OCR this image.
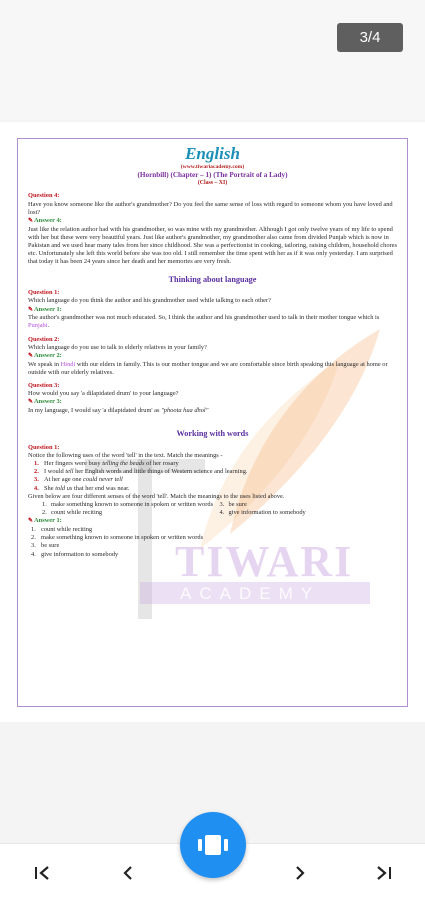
3/4
TIWARI
ACADEMY
English
(www.tiwariacademy.com)
(Hornbill) (Chapter – 1) (The Portrait of a Lady)
(Class – XI)
Question 4:
Have you know someone like the author's grandmother? Do you feel the same sense of loss with regard to someone whom you have loved and lost?
✎Answer 4:
Just like the relation author had with his grandmother, so was mine with my grandmother. Although I got only twelve years of my life to spend with her but these were very beautiful years. Just like author's grandmother, my grandmother also came from divided Punjab which is now in Pakistan and we used hear many tales from her since childhood. She was a perfectionist in cooking, tailoring, raising children, household chores etc. Unfortunately she left this world before she was too old. I still remember the time spent with her as if it was only yesterday. I am surprised that today it has been 24 years since her death and her memories are very fresh.
Thinking about language
Question 1:
Which language do you think the author and his grandmother used while talking to each other?
✎Answer 1:
The author's grandmother was not much educated. So, I think the author and his grandmother used to talk in their mother tongue which is Punjabi.
Question 2:
Which language do you use to talk to elderly relatives in your family?
✎Answer 2:
We speak in Hindi with our elders in family. This is our mother tongue and we are comfortable since birth speaking this language at home or outside with our elderly relatives.
Question 3:
How would you say 'a dilapidated drum' to your language?
✎Answer 3:
In my language, I would say 'a dilapidated drum' as "phoota hua dhol"
Working with words
Question 1:
Notice the following uses of the word 'tell' in the text. Match the meanings -
1. Her fingers were busy telling the beads of her rosary
2. I would tell her English words and little things of Western science and learning.
3. At her age one could never tell
4. She told us that her end was near.
Given below are four different senses of the word 'tell'. Match the meanings to the uses listed above.
1. make something known to someone in spoken or written words
2. count while reciting
3. be sure
4. give information to somebody
✎Answer 1:
1. count while reciting
2. make something known to someone in spoken or written words
3. be sure
4. give information to somebody
